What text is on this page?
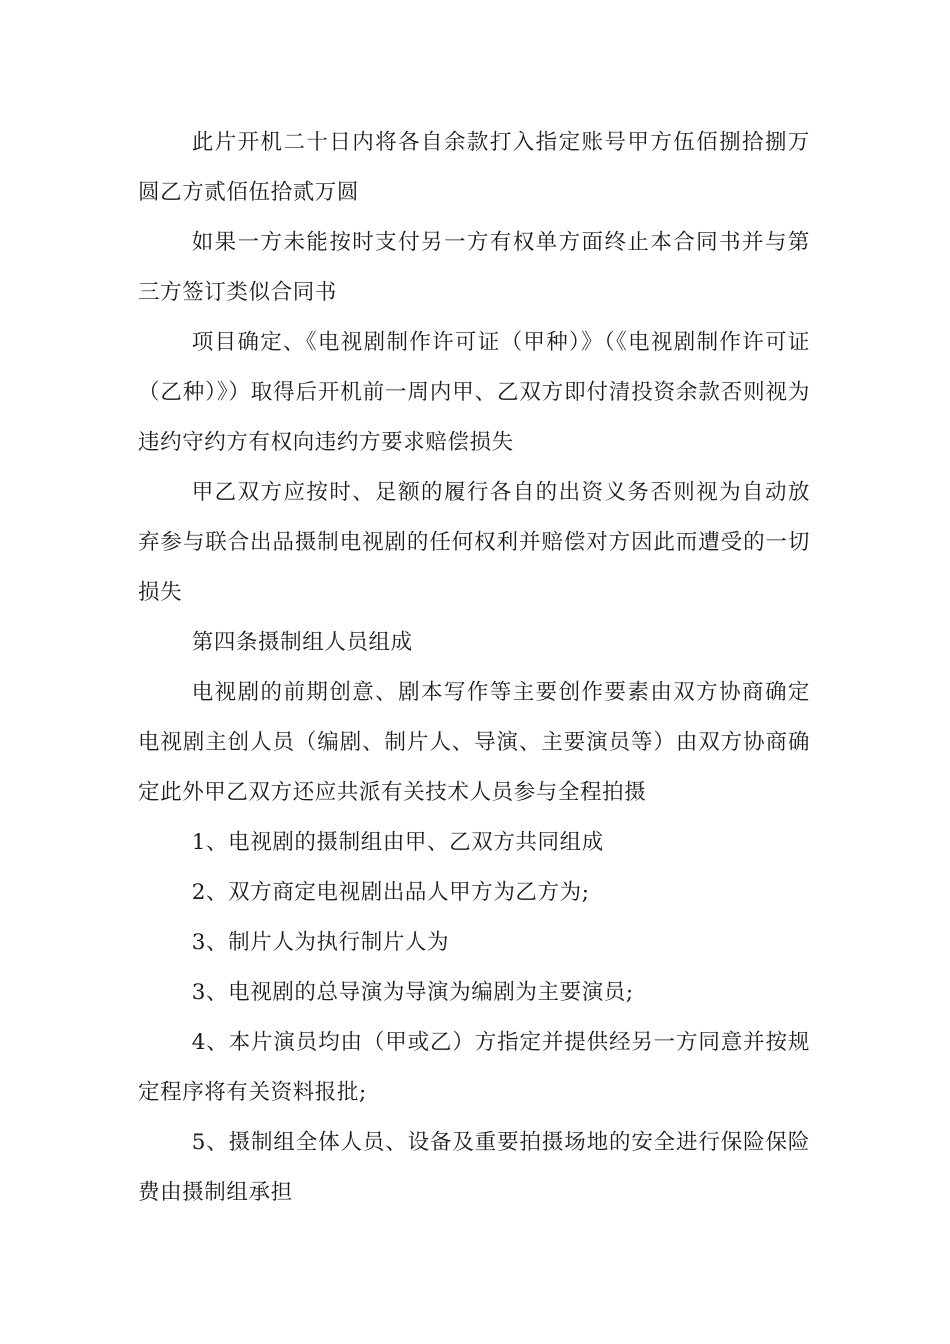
此片开机二十日内将各自余款打入指定账号甲方伍佰捌拾捌万圆乙方贰佰伍拾贰万圆

如果一方未能按时支付另一方有权单方面终止本合同书并与第三方签订类似合同书

项目确定、《电视剧制作许可证（甲种）》（《电视剧制作许可证（乙种）》）取得后开机前一周内甲、乙双方即付清投资余款否则视为违约守约方有权向违约方要求赔偿损失

甲乙双方应按时、足额的履行各自的出资义务否则视为自动放弃参与联合出品摄制电视剧的任何权利并赔偿对方因此而遭受的一切损失

第四条摄制组人员组成

电视剧的前期创意、剧本写作等主要创作要素由双方协商确定电视剧主创人员（编剧、制片人、导演、主要演员等）由双方协商确定此外甲乙双方还应共派有关技术人员参与全程拍摄

1、电视剧的摄制组由甲、乙双方共同组成

2、双方商定电视剧出品人甲方为乙方为;

3、制片人为执行制片人为

3、电视剧的总导演为导演为编剧为主要演员;

4、本片演员均由（甲或乙）方指定并提供经另一方同意并按规定程序将有关资料报批;

5、摄制组全体人员、设备及重要拍摄场地的安全进行保险保险费由摄制组承担
